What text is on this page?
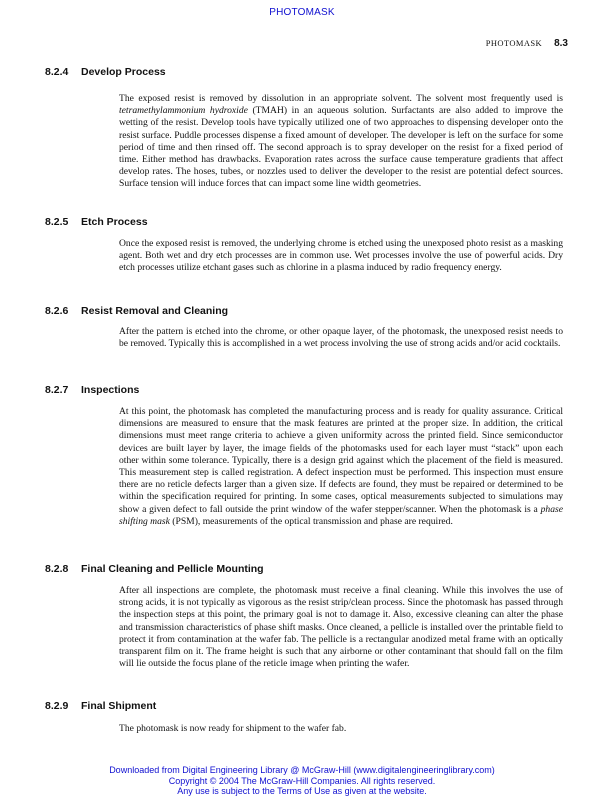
PHOTOMASK
PHOTOMASK 8.3
8.2.4 Develop Process
The exposed resist is removed by dissolution in an appropriate solvent. The solvent most frequently used is tetramethylammonium hydroxide (TMAH) in an aqueous solution. Surfactants are also added to improve the wetting of the resist. Develop tools have typically utilized one of two approaches to dispensing developer onto the resist surface. Puddle processes dispense a fixed amount of developer. The developer is left on the surface for some period of time and then rinsed off. The second approach is to spray developer on the resist for a fixed period of time. Either method has drawbacks. Evaporation rates across the surface cause temperature gradients that affect develop rates. The hoses, tubes, or nozzles used to deliver the developer to the resist are potential defect sources. Surface tension will induce forces that can impact some line width geometries.
8.2.5 Etch Process
Once the exposed resist is removed, the underlying chrome is etched using the unexposed photo resist as a masking agent. Both wet and dry etch processes are in common use. Wet processes involve the use of powerful acids. Dry etch processes utilize etchant gases such as chlorine in a plasma induced by radio frequency energy.
8.2.6 Resist Removal and Cleaning
After the pattern is etched into the chrome, or other opaque layer, of the photomask, the unexposed resist needs to be removed. Typically this is accomplished in a wet process involving the use of strong acids and/or acid cocktails.
8.2.7 Inspections
At this point, the photomask has completed the manufacturing process and is ready for quality assurance. Critical dimensions are measured to ensure that the mask features are printed at the proper size. In addition, the critical dimensions must meet range criteria to achieve a given uniformity across the printed field. Since semiconductor devices are built layer by layer, the image fields of the photomasks used for each layer must “stack” upon each other within some tolerance. Typically, there is a design grid against which the placement of the field is measured. This measurement step is called registration. A defect inspection must be performed. This inspection must ensure there are no reticle defects larger than a given size. If defects are found, they must be repaired or determined to be within the specification required for printing. In some cases, optical measurements subjected to simulations may show a given defect to fall outside the print window of the wafer stepper/scanner. When the photomask is a phase shifting mask (PSM), measurements of the optical transmission and phase are required.
8.2.8 Final Cleaning and Pellicle Mounting
After all inspections are complete, the photomask must receive a final cleaning. While this involves the use of strong acids, it is not typically as vigorous as the resist strip/clean process. Since the photomask has passed through the inspection steps at this point, the primary goal is not to damage it. Also, excessive cleaning can alter the phase and transmission characteristics of phase shift masks. Once cleaned, a pellicle is installed over the printable field to protect it from contamination at the wafer fab. The pellicle is a rectangular anodized metal frame with an optically transparent film on it. The frame height is such that any airborne or other contaminant that should fall on the film will lie outside the focus plane of the reticle image when printing the wafer.
8.2.9 Final Shipment
The photomask is now ready for shipment to the wafer fab.
Downloaded from Digital Engineering Library @ McGraw-Hill (www.digitalengineeringlibrary.com)
Copyright © 2004 The McGraw-Hill Companies. All rights reserved.
Any use is subject to the Terms of Use as given at the website.
